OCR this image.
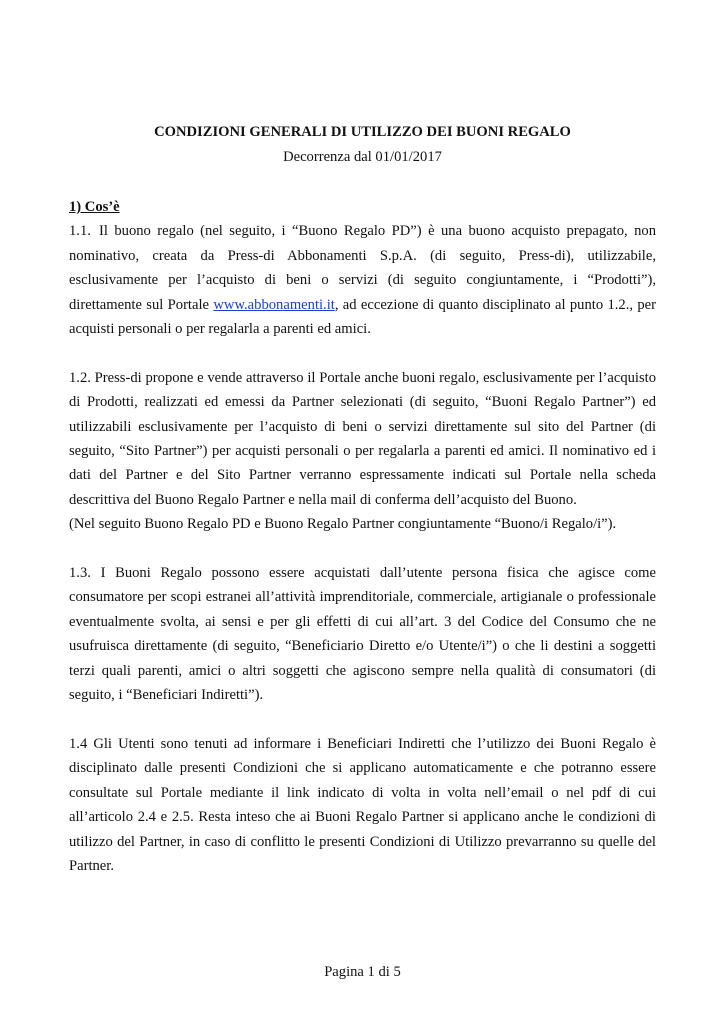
CONDIZIONI GENERALI DI UTILIZZO DEI BUONI REGALO
Decorrenza dal 01/01/2017

1) Cos’è

1.1. Il buono regalo (nel seguito, i “Buono Regalo PD”) è una buono acquisto prepagato, non nominativo, creata da Press-di Abbonamenti S.p.A. (di seguito, Press-di), utilizzabile, esclusivamente per l’acquisto di beni o servizi (di seguito congiuntamente, i “Prodotti”), direttamente sul Portale www.abbonamenti.it, ad eccezione di quanto disciplinato al punto 1.2., per acquisti personali o per regalarla a parenti ed amici.

1.2. Press-di propone e vende attraverso il Portale anche buoni regalo, esclusivamente per l’acquisto di Prodotti, realizzati ed emessi da Partner selezionati (di seguito, “Buoni Regalo Partner”) ed utilizzabili esclusivamente per l’acquisto di beni o servizi direttamente sul sito del Partner (di seguito, “Sito Partner”) per acquisti personali o per regalarla a parenti ed amici. Il nominativo ed i dati del Partner e del Sito Partner verranno espressamente indicati sul Portale nella scheda descrittiva del Buono Regalo Partner e nella mail di conferma dell’acquisto del Buono.

(Nel seguito Buono Regalo PD e Buono Regalo Partner congiuntamente “Buono/i Regalo/i”).

1.3. I Buoni Regalo possono essere acquistati dall’utente persona fisica che agisce come consumatore per scopi estranei all’attività imprenditoriale, commerciale, artigianale o professionale eventualmente svolta, ai sensi e per gli effetti di cui all’art. 3 del Codice del Consumo che ne usufruisca direttamente (di seguito, “Beneficiario Diretto e/o Utente/i”) o che li destini a soggetti terzi quali parenti, amici o altri soggetti che agiscono sempre nella qualità di consumatori (di seguito, i “Beneficiari Indiretti”).

1.4 Gli Utenti sono tenuti ad informare i Beneficiari Indiretti che l’utilizzo dei Buoni Regalo è disciplinato dalle presenti Condizioni che si applicano automaticamente e che potranno essere consultate sul Portale mediante il link indicato di volta in volta nell’email o nel pdf di cui all’articolo 2.4 e 2.5. Resta inteso che ai Buoni Regalo Partner si applicano anche le condizioni di utilizzo del Partner, in caso di conflitto le presenti Condizioni di Utilizzo prevarranno su quelle del Partner.

Pagina 1 di 5
